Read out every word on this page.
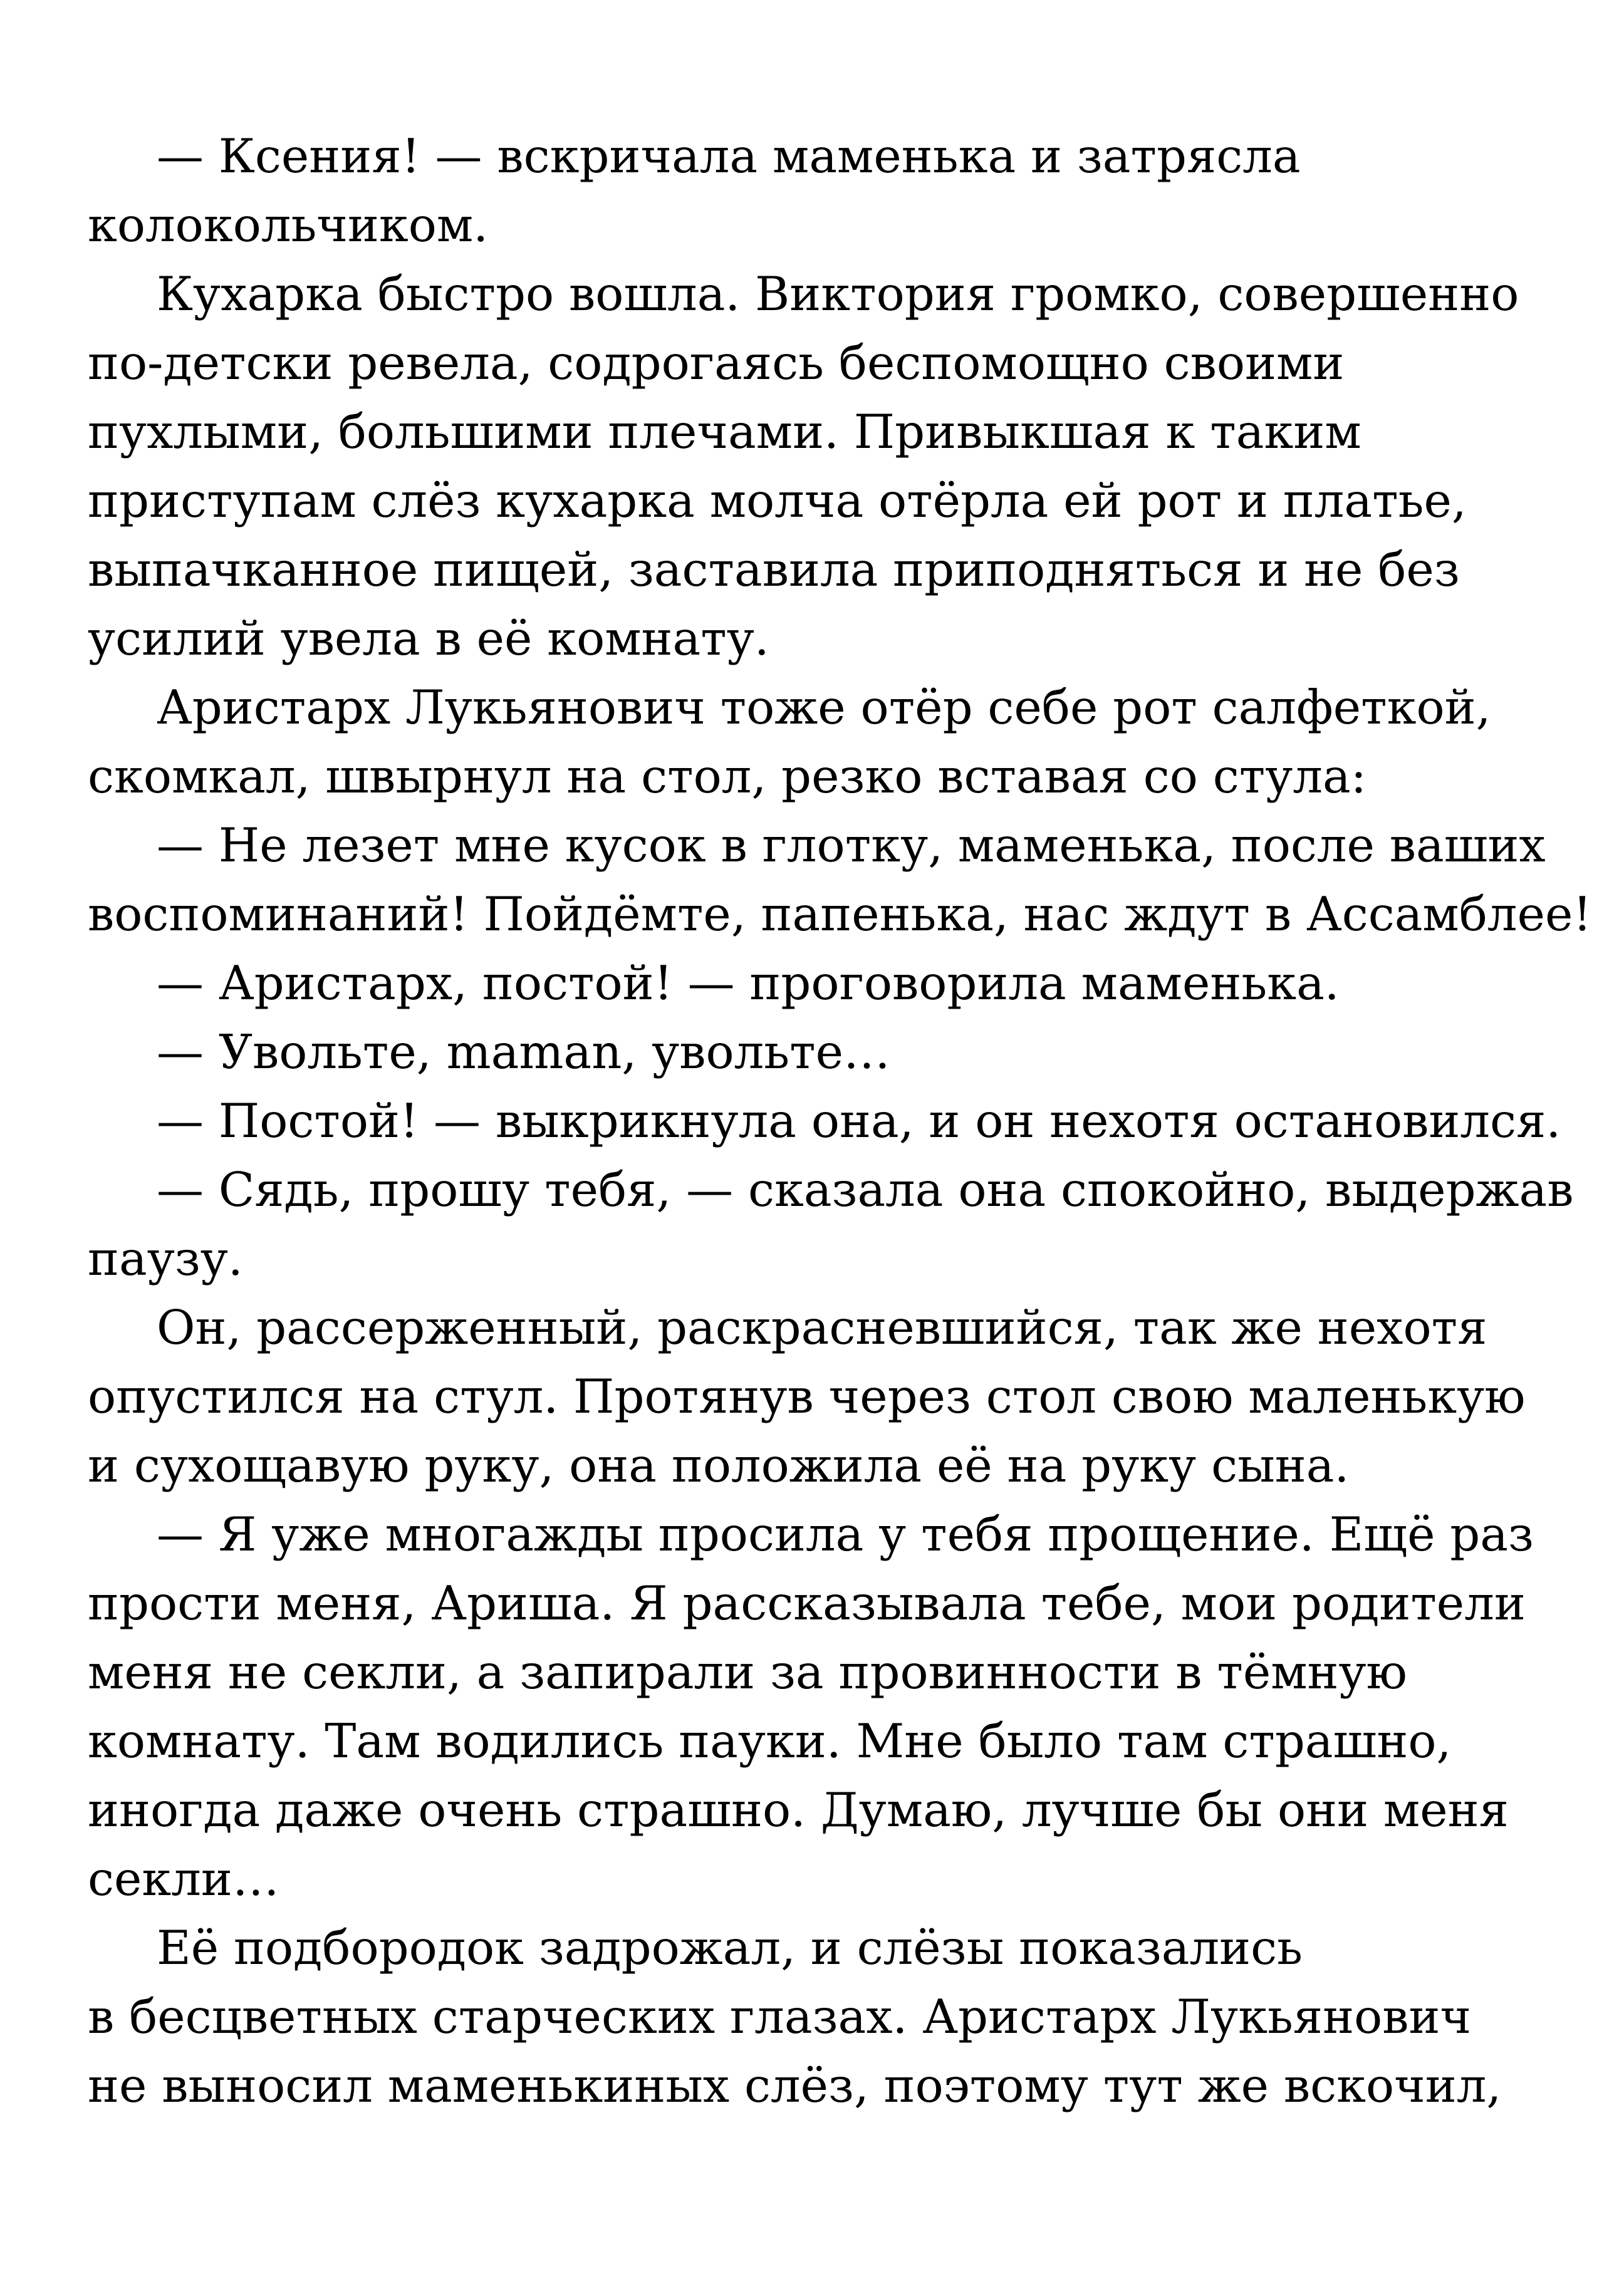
— Ксения! — вскричала маменька и затрясла
колокольчиком.
Кухарка быстро вошла. Виктория громко, совершенно
по-детски ревела, содрогаясь беспомощно своими
пухлыми, большими плечами. Привыкшая к таким
приступам слёз кухарка молча отёрла ей рот и платье,
выпачканное пищей, заставила приподняться и не без
усилий увела в её комнату.
Аристарх Лукьянович тоже отёр себе рот салфеткой,
скомкал, швырнул на стол, резко вставая со стула:
— Не лезет мне кусок в глотку, маменька, после ваших
воспоминаний! Пойдёмте, папенька, нас ждут в Ассамблее!
— Аристарх, постой! — проговорила маменька.
— Увольте, maman, увольте…
— Постой! — выкрикнула она, и он нехотя остановился.
— Сядь, прошу тебя, — сказала она спокойно, выдержав
паузу.
Он, рассерженный, раскрасневшийся, так же нехотя
опустился на стул. Протянув через стол свою маленькую
и сухощавую руку, она положила её на руку сына.
— Я уже многажды просила у тебя прощение. Ещё раз
прости меня, Ариша. Я рассказывала тебе, мои родители
меня не секли, а запирали за провинности в тёмную
комнату. Там водились пауки. Мне было там страшно,
иногда даже очень страшно. Думаю, лучше бы они меня
секли…
Её подбородок задрожал, и слёзы показались
в бесцветных старческих глазах. Аристарх Лукьянович
не выносил маменькиных слёз, поэтому тут же вскочил,
